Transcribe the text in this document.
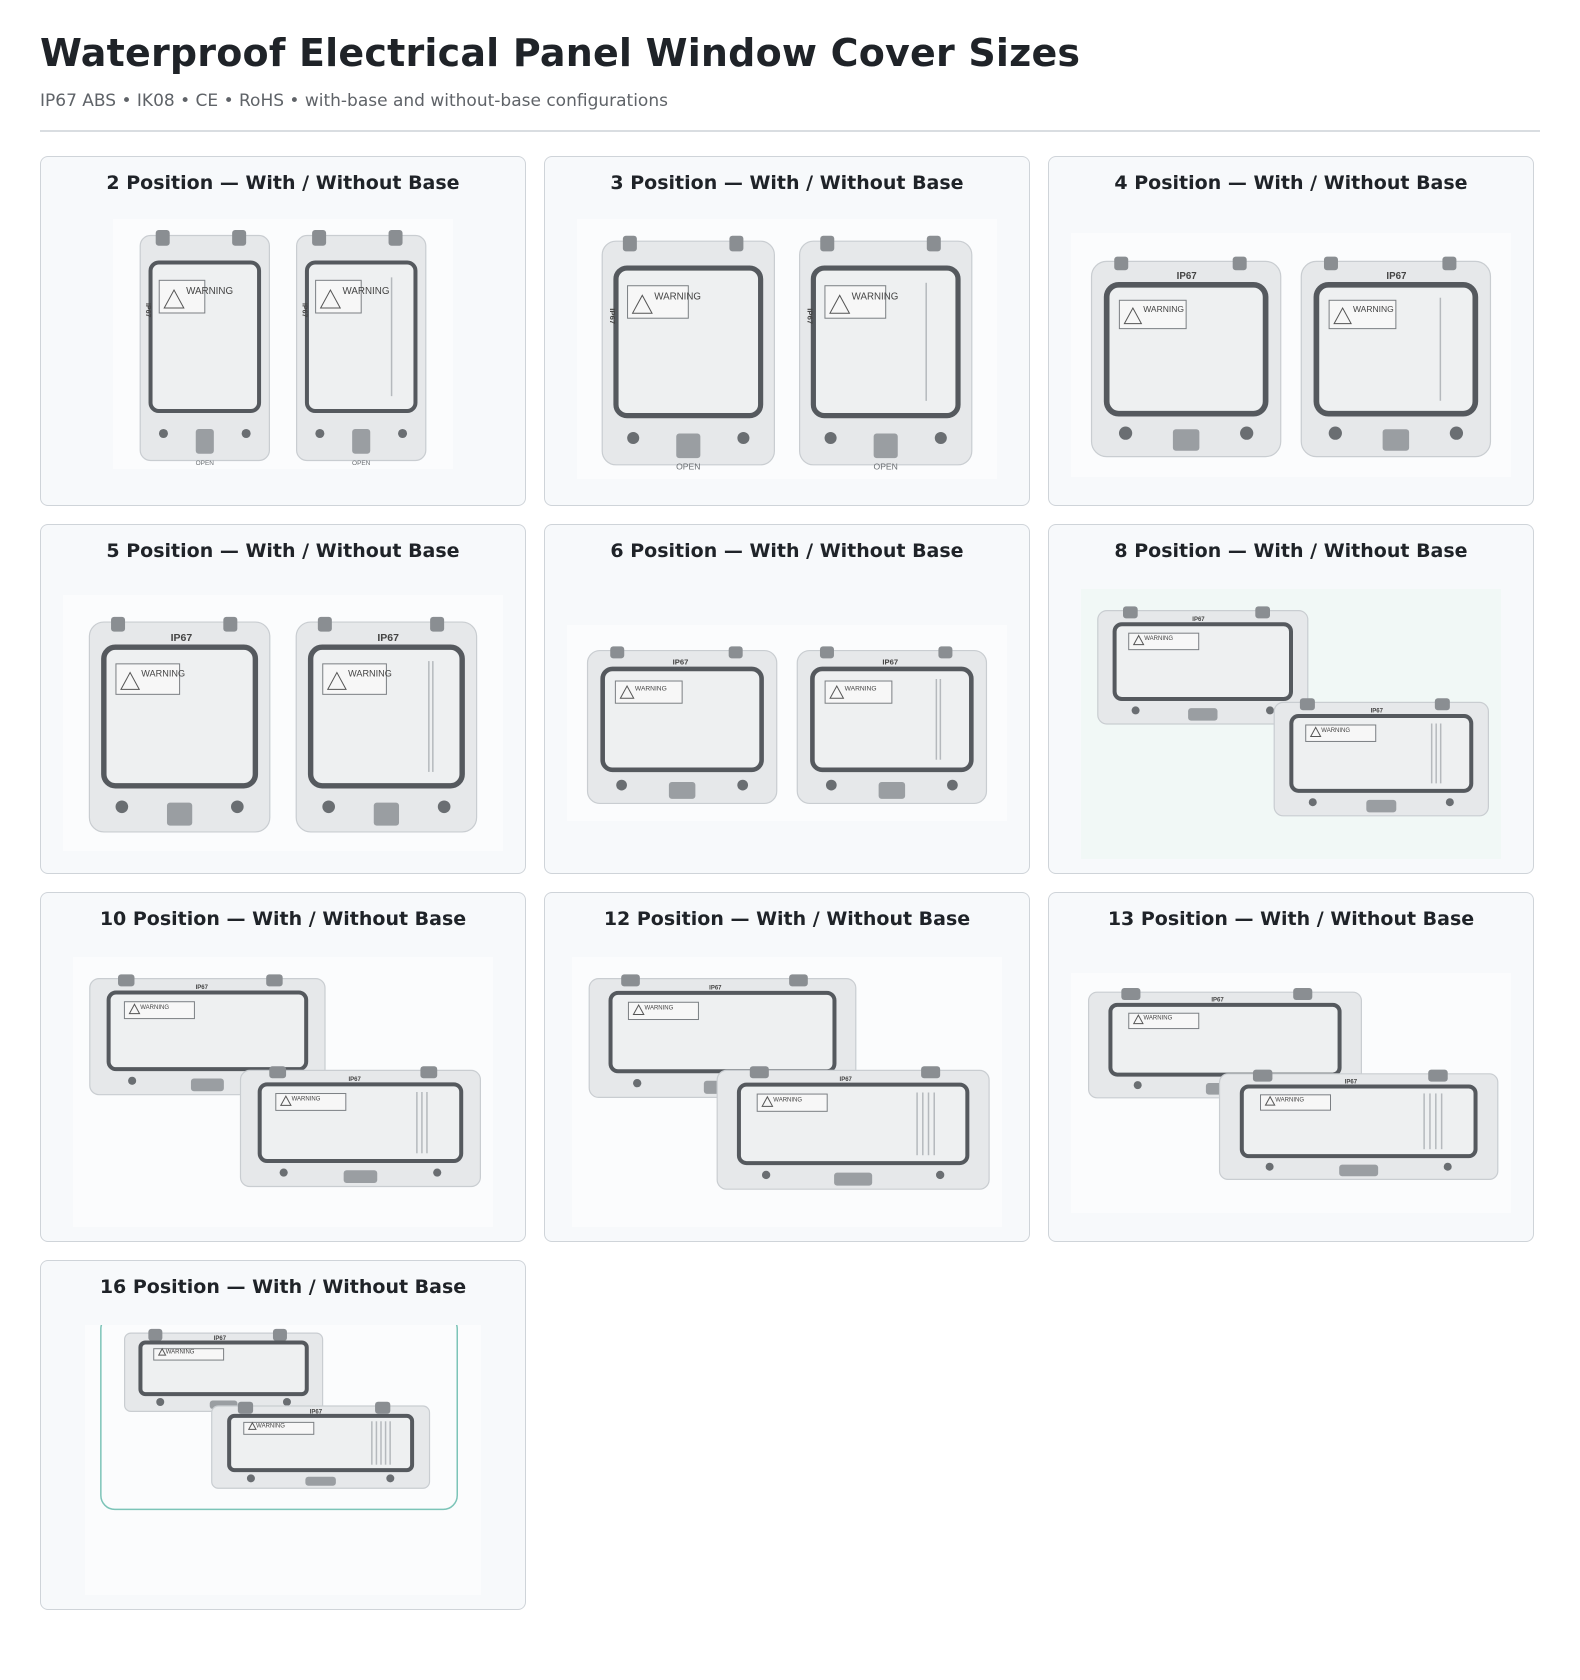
Waterproof Electrical Panel Window Cover Sizes
IP67 ABS • IK08 • CE • RoHS • with-base and without-base configurations
2 Position — With / Without Base
WARNING
IP67
OPEN
WARNING
IP67
OPEN
3 Position — With / Without Base
WARNING
IP67
OPEN
WARNING
IP67
OPEN
4 Position — With / Without Base
WARNING
IP67
WARNING
IP67
5 Position — With / Without Base
WARNING
IP67
WARNING
IP67
6 Position — With / Without Base
WARNING
IP67
WARNING
IP67
8 Position — With / Without Base
WARNING
IP67
WARNING
IP67
10 Position — With / Without Base
WARNING
IP67
WARNING
IP67
12 Position — With / Without Base
WARNING
IP67
WARNING
IP67
13 Position — With / Without Base
WARNING
IP67
WARNING
IP67
16 Position — With / Without Base
WARNING
IP67
WARNING
IP67
